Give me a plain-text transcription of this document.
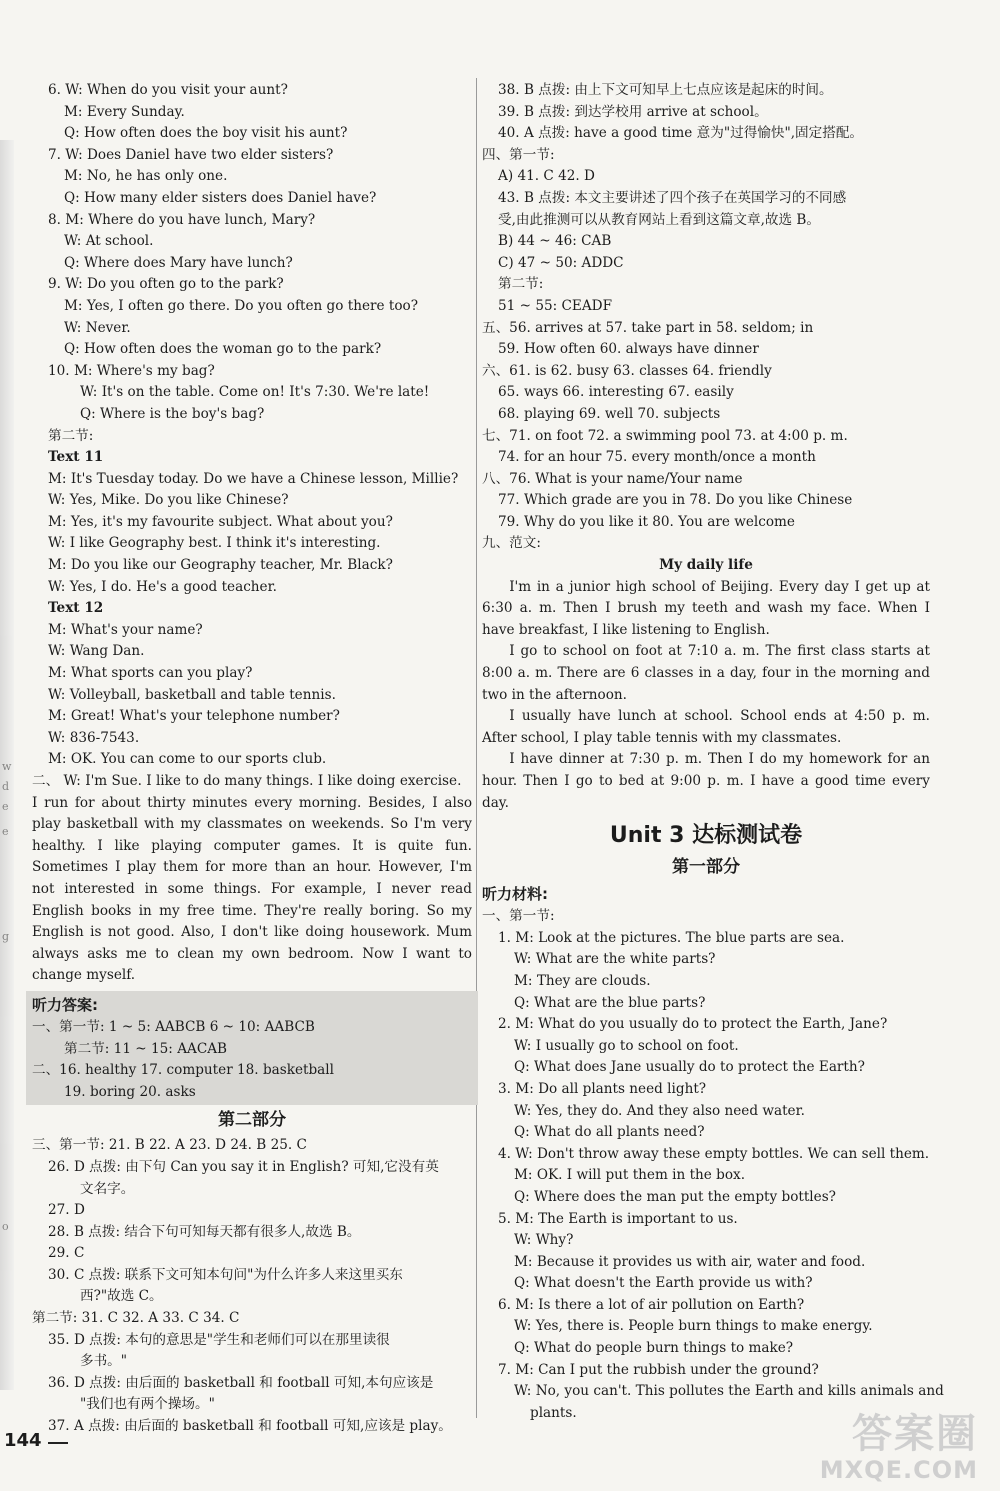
w
d
e
e
g
o
6. W: When do you visit your aunt?
M: Every Sunday.
Q: How often does the boy visit his aunt?
7. W: Does Daniel have two elder sisters?
M: No, he has only one.
Q: How many elder sisters does Daniel have?
8. M: Where do you have lunch, Mary?
W: At school.
Q: Where does Mary have lunch?
9. W: Do you often go to the park?
M: Yes, I often go there. Do you often go there too?
W: Never.
Q: How often does the woman go to the park?
10. M: Where's my bag?
W: It's on the table. Come on! It's 7:30. We're late!
Q: Where is the boy's bag?
第二节:
Text 11
M: It's Tuesday today. Do we have a Chinese lesson, Millie?
W: Yes, Mike. Do you like Chinese?
M: Yes, it's my favourite subject. What about you?
W: I like Geography best. I think it's interesting.
M: Do you like our Geography teacher, Mr. Black?
W: Yes, I do. He's a good teacher.
Text 12
M: What's your name?
W: Wang Dan.
M: What sports can you play?
W: Volleyball, basketball and table tennis.
M: Great! What's your telephone number?
W: 836-7543.
M: OK. You can come to our sports club.
二、 W: I'm Sue. I like to do many things. I like doing exercise.
I run for about thirty minutes every morning. Besides, I also play basketball with my classmates on weekends. So I'm very healthy. I like playing computer games. It is quite fun. Sometimes I play them for more than an hour. However, I'm not interested in some things. For example, I never read English books in my free time. They're really boring. So my English is not good. Also, I don't like doing housework. Mum always asks me to clean my own bedroom. Now I want to change myself.
听力答案:
一、第一节: 1 ~ 5: AABCB 6 ~ 10: AABCB
第二节: 11 ~ 15: AACAB
二、16. healthy 17. computer 18. basketball
19. boring 20. asks
第二部分
三、第一节: 21. B 22. A 23. D 24. B 25. C
26. D 点拨: 由下句 Can you say it in English? 可知,它没有英
文名字。
27. D
28. B 点拨: 结合下句可知每天都有很多人,故选 B。
29. C
30. C 点拨: 联系下文可知本句问"为什么许多人来这里买东
西?"故选 C。
第二节: 31. C 32. A 33. C 34. C
35. D 点拨: 本句的意思是"学生和老师们可以在那里读很
多书。"
36. D 点拨: 由后面的 basketball 和 football 可知,本句应该是
"我们也有两个操场。"
37. A 点拨: 由后面的 basketball 和 football 可知,应该是 play。
38. B 点拨: 由上下文可知早上七点应该是起床的时间。
39. B 点拨: 到达学校用 arrive at school。
40. A 点拨: have a good time 意为"过得愉快",固定搭配。
四、第一节:
A) 41. C 42. D
43. B 点拨: 本文主要讲述了四个孩子在英国学习的不同感
受,由此推测可以从教育网站上看到这篇文章,故选 B。
B) 44 ~ 46: CAB
C) 47 ~ 50: ADDC
第二节:
51 ~ 55: CEADF
五、56. arrives at 57. take part in 58. seldom; in
59. How often 60. always have dinner
六、61. is 62. busy 63. classes 64. friendly
65. ways 66. interesting 67. easily
68. playing 69. well 70. subjects
七、71. on foot 72. a swimming pool 73. at 4:00 p. m.
74. for an hour 75. every month/once a month
八、76. What is your name/Your name
77. Which grade are you in 78. Do you like Chinese
79. Why do you like it 80. You are welcome
九、范文:
My daily life

I'm in a junior high school of Beijing. Every day I get up at 6:30 a. m. Then I brush my teeth and wash my face. When I have breakfast, I like listening to English.

I go to school on foot at 7:10 a. m. The first class starts at 8:00 a. m. There are 6 classes in a day, four in the morning and two in the afternoon.

I usually have lunch at school. School ends at 4:50 p. m. After school, I play table tennis with my classmates.

I have dinner at 7:30 p. m. Then I do my homework for an hour. Then I go to bed at 9:00 p. m. I have a good time every day.

Unit 3 达标测试卷
第一部分
听力材料:
一、第一节:
1. M: Look at the pictures. The blue parts are sea.
W: What are the white parts?
M: They are clouds.
Q: What are the blue parts?
2. M: What do you usually do to protect the Earth, Jane?
W: I usually go to school on foot.
Q: What does Jane usually do to protect the Earth?
3. M: Do all plants need light?
W: Yes, they do. And they also need water.
Q: What do all plants need?
4. W: Don't throw away these empty bottles. We can sell them.
M: OK. I will put them in the box.
Q: Where does the man put the empty bottles?
5. M: The Earth is important to us.
W: Why?
M: Because it provides us with air, water and food.
Q: What doesn't the Earth provide us with?
6. M: Is there a lot of air pollution on Earth?
W: Yes, there is. People burn things to make energy.
Q: What do people burn things to make?
7. M: Can I put the rubbish under the ground?
W: No, you can't. This pollutes the Earth and kills animals and
plants.
144	答案圈
MXQE.COM
